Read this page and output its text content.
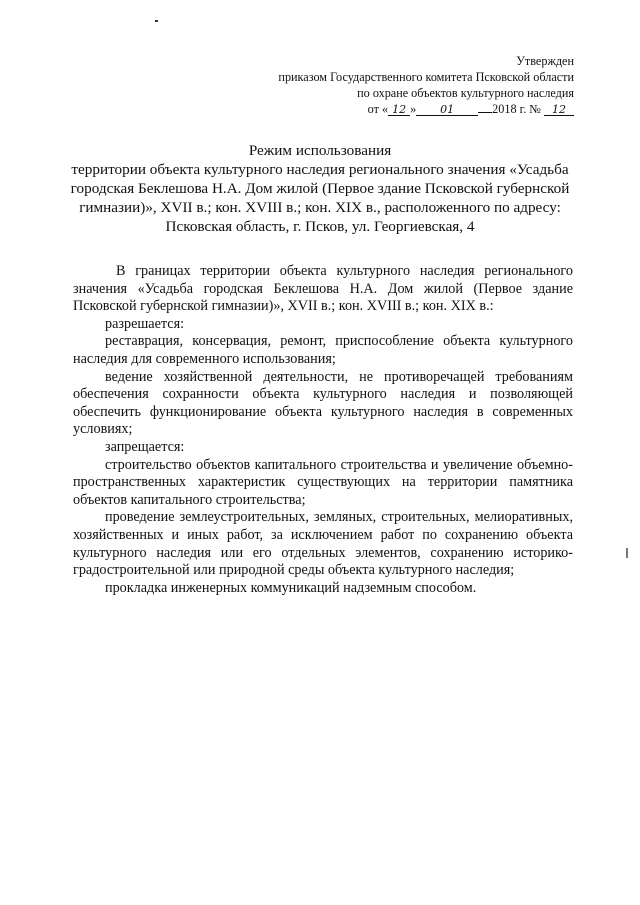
Утвержден
приказом Государственного комитета Псковской области
по охране объектов культурного наследия
от « 12 » 01	2018 г. № 12
Режим использования
территории объекта культурного наследия регионального значения «Усадьба
городская Беклешова Н.А. Дом жилой (Первое здание Псковской губернской
гимназии)», XVII в.; кон. XVIII в.; кон. XIX в., расположенного по адресу:
Псковская область, г. Псков, ул. Георгиевская, 4

В границах территории объекта культурного наследия регионального значения «Усадьба городская Беклешова Н.А. Дом жилой (Первое здание Псковской губернской гимназии)», XVII в.; кон. XVIII в.; кон. XIX в.:

разрешается:

реставрация, консервация, ремонт, приспособление объекта культурного наследия для современного использования;

ведение хозяйственной деятельности, не противоречащей требованиям обеспечения сохранности объекта культурного наследия и позволяющей обеспечить функционирование объекта культурного наследия в современных условиях;

запрещается:

строительство объектов капитального строительства и увеличение объемно-пространственных характеристик существующих на территории памятника объектов капитального строительства;

проведение землеустроительных, земляных, строительных, мелиоративных, хозяйственных и иных работ, за исключением работ по сохранению объекта культурного наследия или его отдельных элементов, сохранению историко-градостроительной или природной среды объекта культурного наследия;

прокладка инженерных коммуникаций надземным способом.
